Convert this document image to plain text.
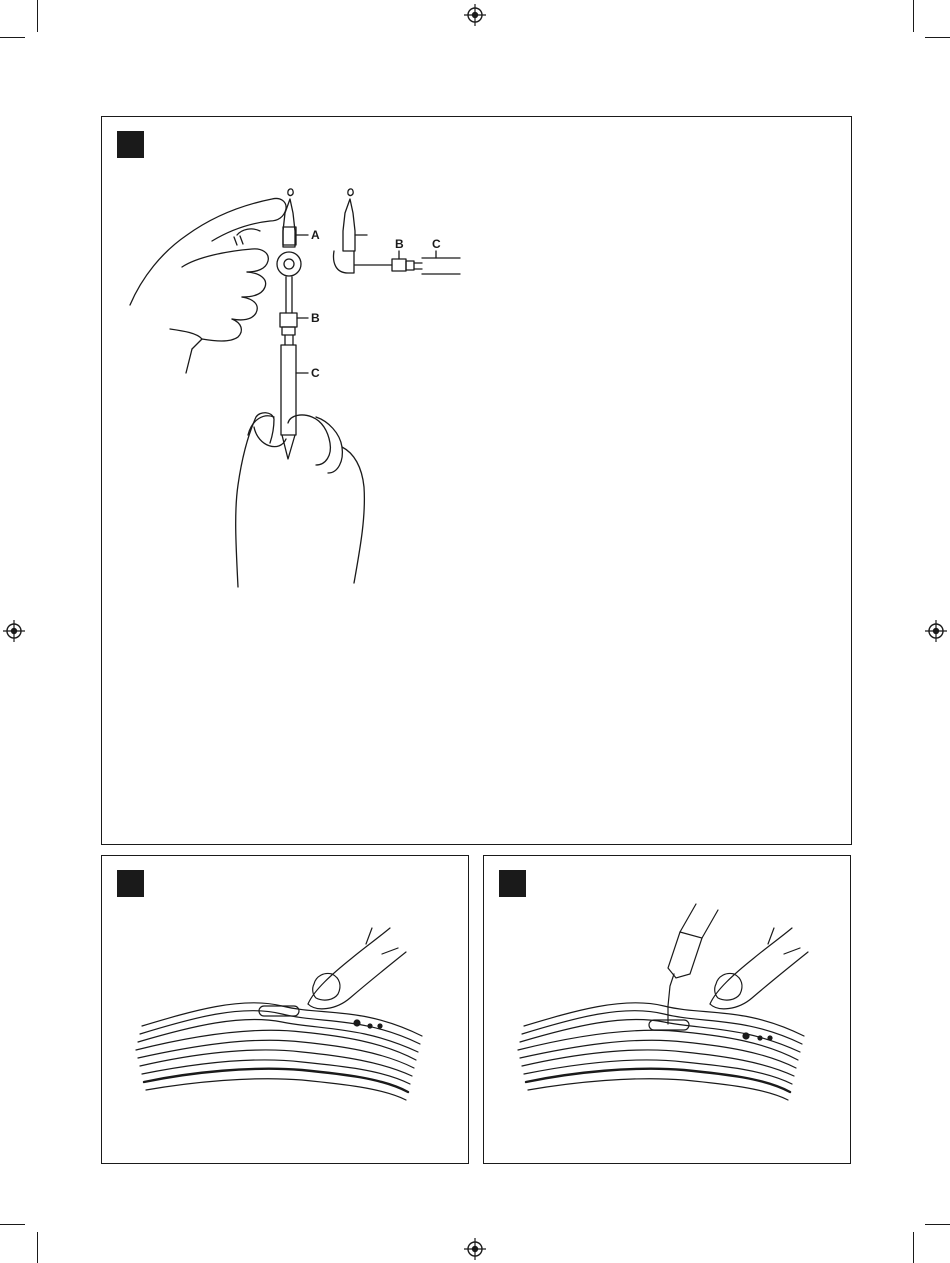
A
B
C
B C
